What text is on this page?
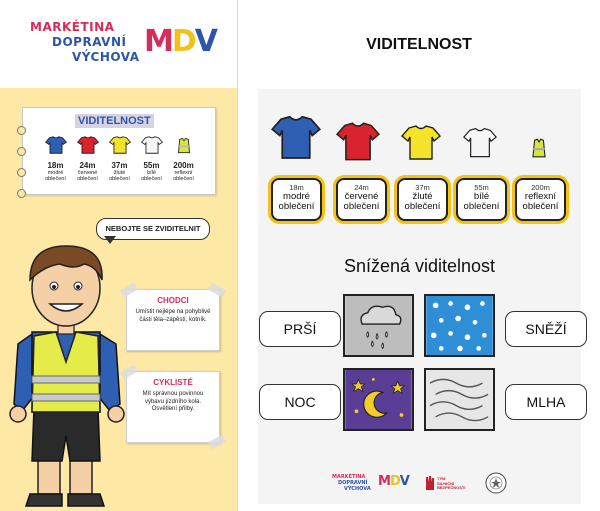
MARKÉTINA
DOPRAVNÍ
VÝCHOVA MDV
VIDITELNOST
18m
modré oblečení
24m
červené oblečení
37m
žluté oblečení
55m
bílé oblečení
200m
reflexní oblečení
NEBOJTE SE ZVIDITELNIT
CHODCI
Umístit nejlépe na pohyblivé části těla–zápěstí, kotník.
CYKLISTÉ
Mít správnou povinnou výbavu jízdního kola. Osvětlení přilby.
VIDITELNOST
18m
modré
oblečení
24m
červené
oblečení
37m
žluté
oblečení
55m
bílé
oblečení
200m
reflexní
oblečení
Snížená viditelnost
PRŠÍ	SNĚŽÍ
NOC	MLHA
MARKÉTINA
DOPRAVNÍ
VÝCHOVA MDV	TÝM
SILNIČNÍ
BEZPEČNOSTI
